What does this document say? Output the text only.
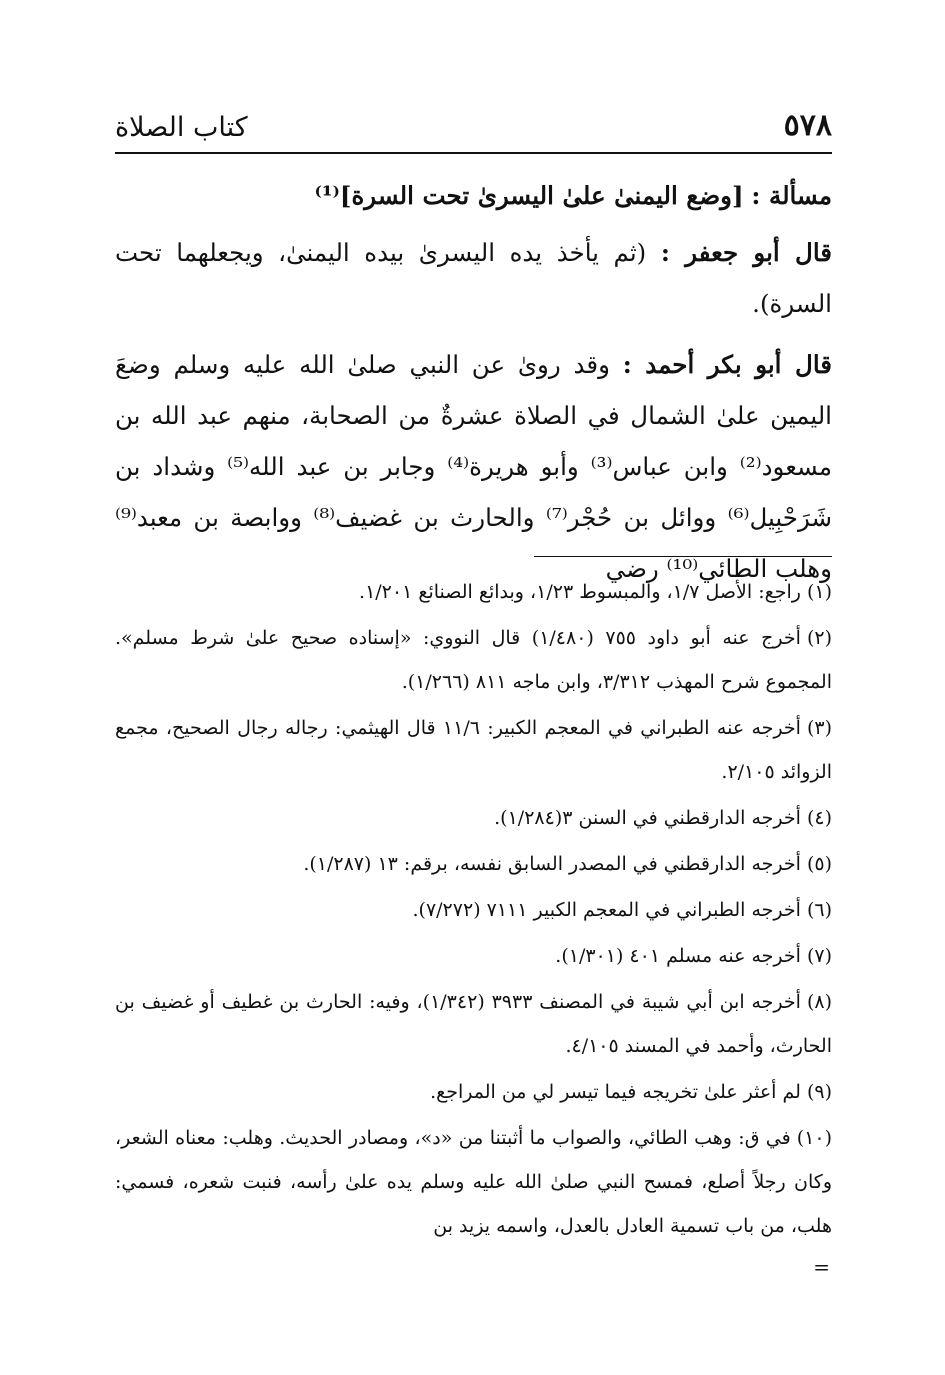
٥٧٨
كتاب الصلاة

مسألة : [وضع اليمنىٰ علىٰ اليسرىٰ تحت السرة]⁽¹⁾

قال أبو جعفر : (ثم يأخذ يده اليسرىٰ بيده اليمنىٰ، ويجعلهما تحت السرة).

قال أبو بكر أحمد : وقد روىٰ عن النبي صلىٰ الله عليه وسلم وضعَ اليمين علىٰ الشمال في الصلاة عشرةٌ من الصحابة، منهم عبد الله بن مسعود⁽²⁾ وابن عباس⁽³⁾ وأبو هريرة⁽⁴⁾ وجابر بن عبد الله⁽⁵⁾ وشداد بن شَرَحْبِيل⁽⁶⁾ ووائل بن حُجْر⁽⁷⁾ والحارث بن غضيف⁽⁸⁾ ووابصة بن معبد⁽⁹⁾ وهلب الطائي⁽¹⁰⁾ رضي

(١)راجع: الأصل ١/٧، والمبسوط ١/٢٣، وبدائع الصنائع ١/٢٠١.

(٢)أخرج عنه أبو داود ٧٥٥ (١/٤٨٠) قال النووي: «إسناده صحيح علىٰ شرط مسلم». المجموع شرح المهذب ٣/٣١٢، وابن ماجه ٨١١ (١/٢٦٦).

(٣)أخرجه عنه الطبراني في المعجم الكبير: ١١/٦ قال الهيثمي: رجاله رجال الصحيح، مجمع الزوائد ٢/١٠٥.

(٤)أخرجه الدارقطني في السنن ٣(١/٢٨٤).

(٥)أخرجه الدارقطني في المصدر السابق نفسه، برقم: ١٣ (١/٢٨٧).

(٦)أخرجه الطبراني في المعجم الكبير ٧١١١ (٧/٢٧٢).

(٧)أخرجه عنه مسلم ٤٠١ (١/٣٠١).

(٨)أخرجه ابن أبي شيبة في المصنف ٣٩٣٣ (١/٣٤٢)، وفيه: الحارث بن غطيف أو غضيف بن الحارث، وأحمد في المسند ٤/١٠٥.

(٩)لم أعثر علىٰ تخريجه فيما تيسر لي من المراجع.

(١٠)في ق: وهب الطائي، والصواب ما أثبتنا من «د»، ومصادر الحديث. وهلب: معناه الشعر، وكان رجلاً أصلع، فمسح النبي صلىٰ الله عليه وسلم يده علىٰ رأسه، فنبت شعره، فسمي: هلب، من باب تسمية العادل بالعدل، واسمه يزيد بن

=
